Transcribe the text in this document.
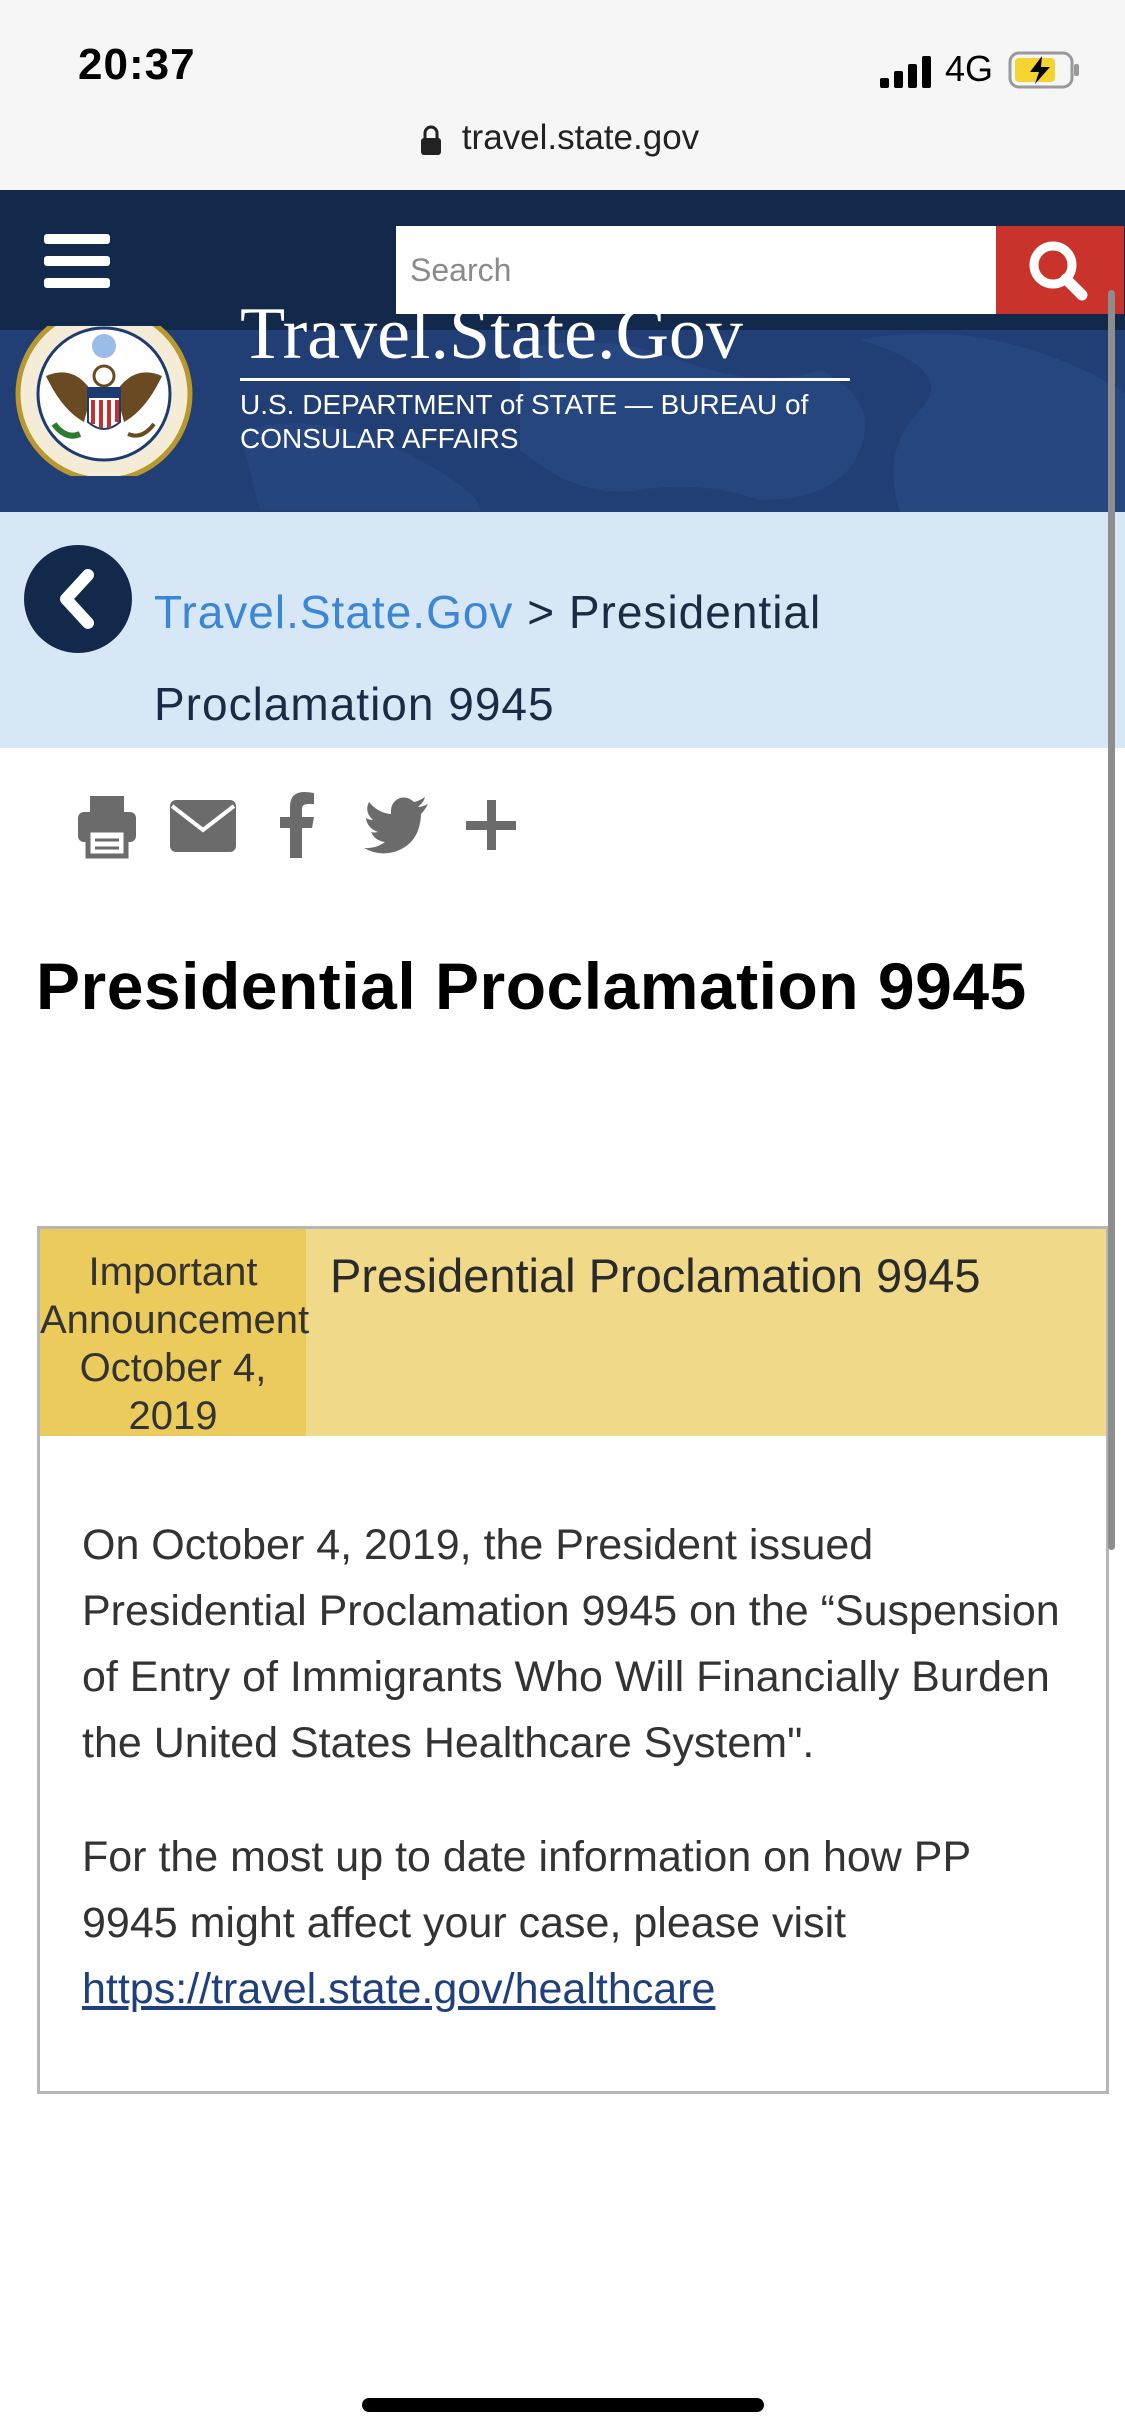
20:37	4G
travel.state.gov
Search
Travel.State.Gov
U.S. DEPARTMENT of STATE — BUREAU of CONSULAR AFFAIRS
Travel.State.Gov > Presidential Proclamation 9945
Presidential Proclamation 9945
Important
Announcement
October 4, 2019
Presidential Proclamation 9945
On October 4, 2019, the President issued Presidential Proclamation 9945 on the “Suspension of Entry of Immigrants Who Will Financially Burden the United States Healthcare System".
For the most up to date information on how PP 9945 might affect your case, please visit
https://travel.state.gov/healthcare
